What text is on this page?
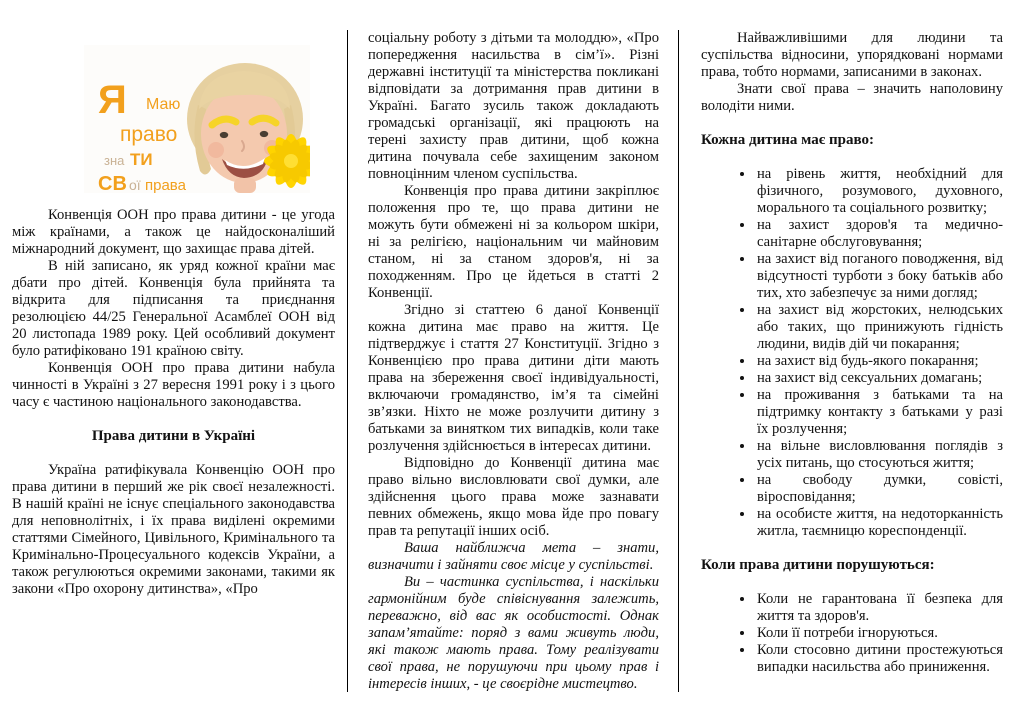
Я Маю право зна ТИ СВ ої права

Конвенція ООН про права дитини - це угода між країнами, а також це найдосконаліший міжнародний документ, що захищає права дітей.

В ній записано, як уряд кожної країни має дбати про дітей. Конвенція була прийнята та відкрита для підписання та приєднання резолюцією 44/25 Генеральної Асамблеї ООН від 20 листопада 1989 року. Цей особливий документ було ратифіковано 191 країною світу.

Конвенція ООН про права дитини набула чинності в Україні з 27 вересня 1991 року і з цього часу є частиною національного законодавства.

Права дитини в Україні

Україна ратифікувала Конвенцію ООН про права дитини в перший же рік своєї незалежності. В нашій країні не існує спеціального законодавства для неповнолітніх, і їх права виділені окремими статтями Сімейного, Цивільного, Кримінального та Кримінально-Процесуального кодексів України, а також регулюються окремими законами, такими як закони «Про охорону дитинства», «Про

соціальну роботу з дітьми та молоддю», «Про попередження насильства в сім’ї». Різні державні інституції та міністерства покликані відповідати за дотримання прав дитини в Україні. Багато зусиль також докладають громадські організації, які працюють на терені захисту прав дитини, щоб кожна дитина почувала себе захищеним законом повноцінним членом суспільства.

Конвенція про права дитини закріплює положення про те, що права дитини не можуть бути обмежені ні за кольором шкіри, ні за релігією, національним чи майновим станом, ні за станом здоров'я, ні за походженням. Про це йдеться в статті 2 Конвенції.

Згідно зі статтею 6 даної Конвенції кожна дитина має право на життя. Це підтверджує і стаття 27 Конституції. Згідно з Конвенцією про права дитини діти мають права на збереження своєї індивідуальності, включаючи громадянство, ім’я та сімейні зв’язки. Ніхто не може розлучити дитину з батьками за винятком тих випадків, коли таке розлучення здійснюється в інтересах дитини.

Відповідно до Конвенції дитина має право вільно висловлювати свої думки, але здійснення цього права може зазнавати певних обмежень, якщо мова йде про повагу прав та репутації інших осіб.

Ваша найближча мета – знати, визначити і зайняти своє місце у суспільстві.

Ви – частинка суспільства, і наскільки гармонійним буде співіснування залежить, переважно, від вас як особистості. Однак запам’ятайте: поряд з вами живуть люди, які також мають права. Тому реалізувати свої права, не порушуючи при цьому прав і інтересів інших, - це своєрідне мистецтво.

Найважливішими для людини та суспільства відносини, упорядковані нормами права, тобто нормами, записаними в законах.

Знати свої права – значить наполовину володіти ними.

Кожна дитина має право:
• на рівень життя, необхідний для фізичного, розумового, духовного, морального та соціального розвитку;
• на захист здоров'я та медично-санітарне обслуговування;
• на захист від поганого поводження, від відсутності турботи з боку батьків або тих, хто забезпечує за ними догляд;
• на захист від жорстоких, нелюдських або таких, що принижують гідність людини, видів дій чи покарання;
• на захист від будь-якого покарання;
• на захист від сексуальних домагань;
• на проживання з батьками та на підтримку контакту з батьками у разі їх розлучення;
• на вільне висловлювання поглядів з усіх питань, що стосуються життя;
• на свободу думки, совісті, віросповідання;
• на особисте життя, на недоторканність житла, таємницю кореспонденції.
Коли права дитини порушуються:
• Коли не гарантована її безпека для життя та здоров'я.
• Коли її потреби ігноруються.
• Коли стосовно дитини простежуються випадки насильства або приниження.
